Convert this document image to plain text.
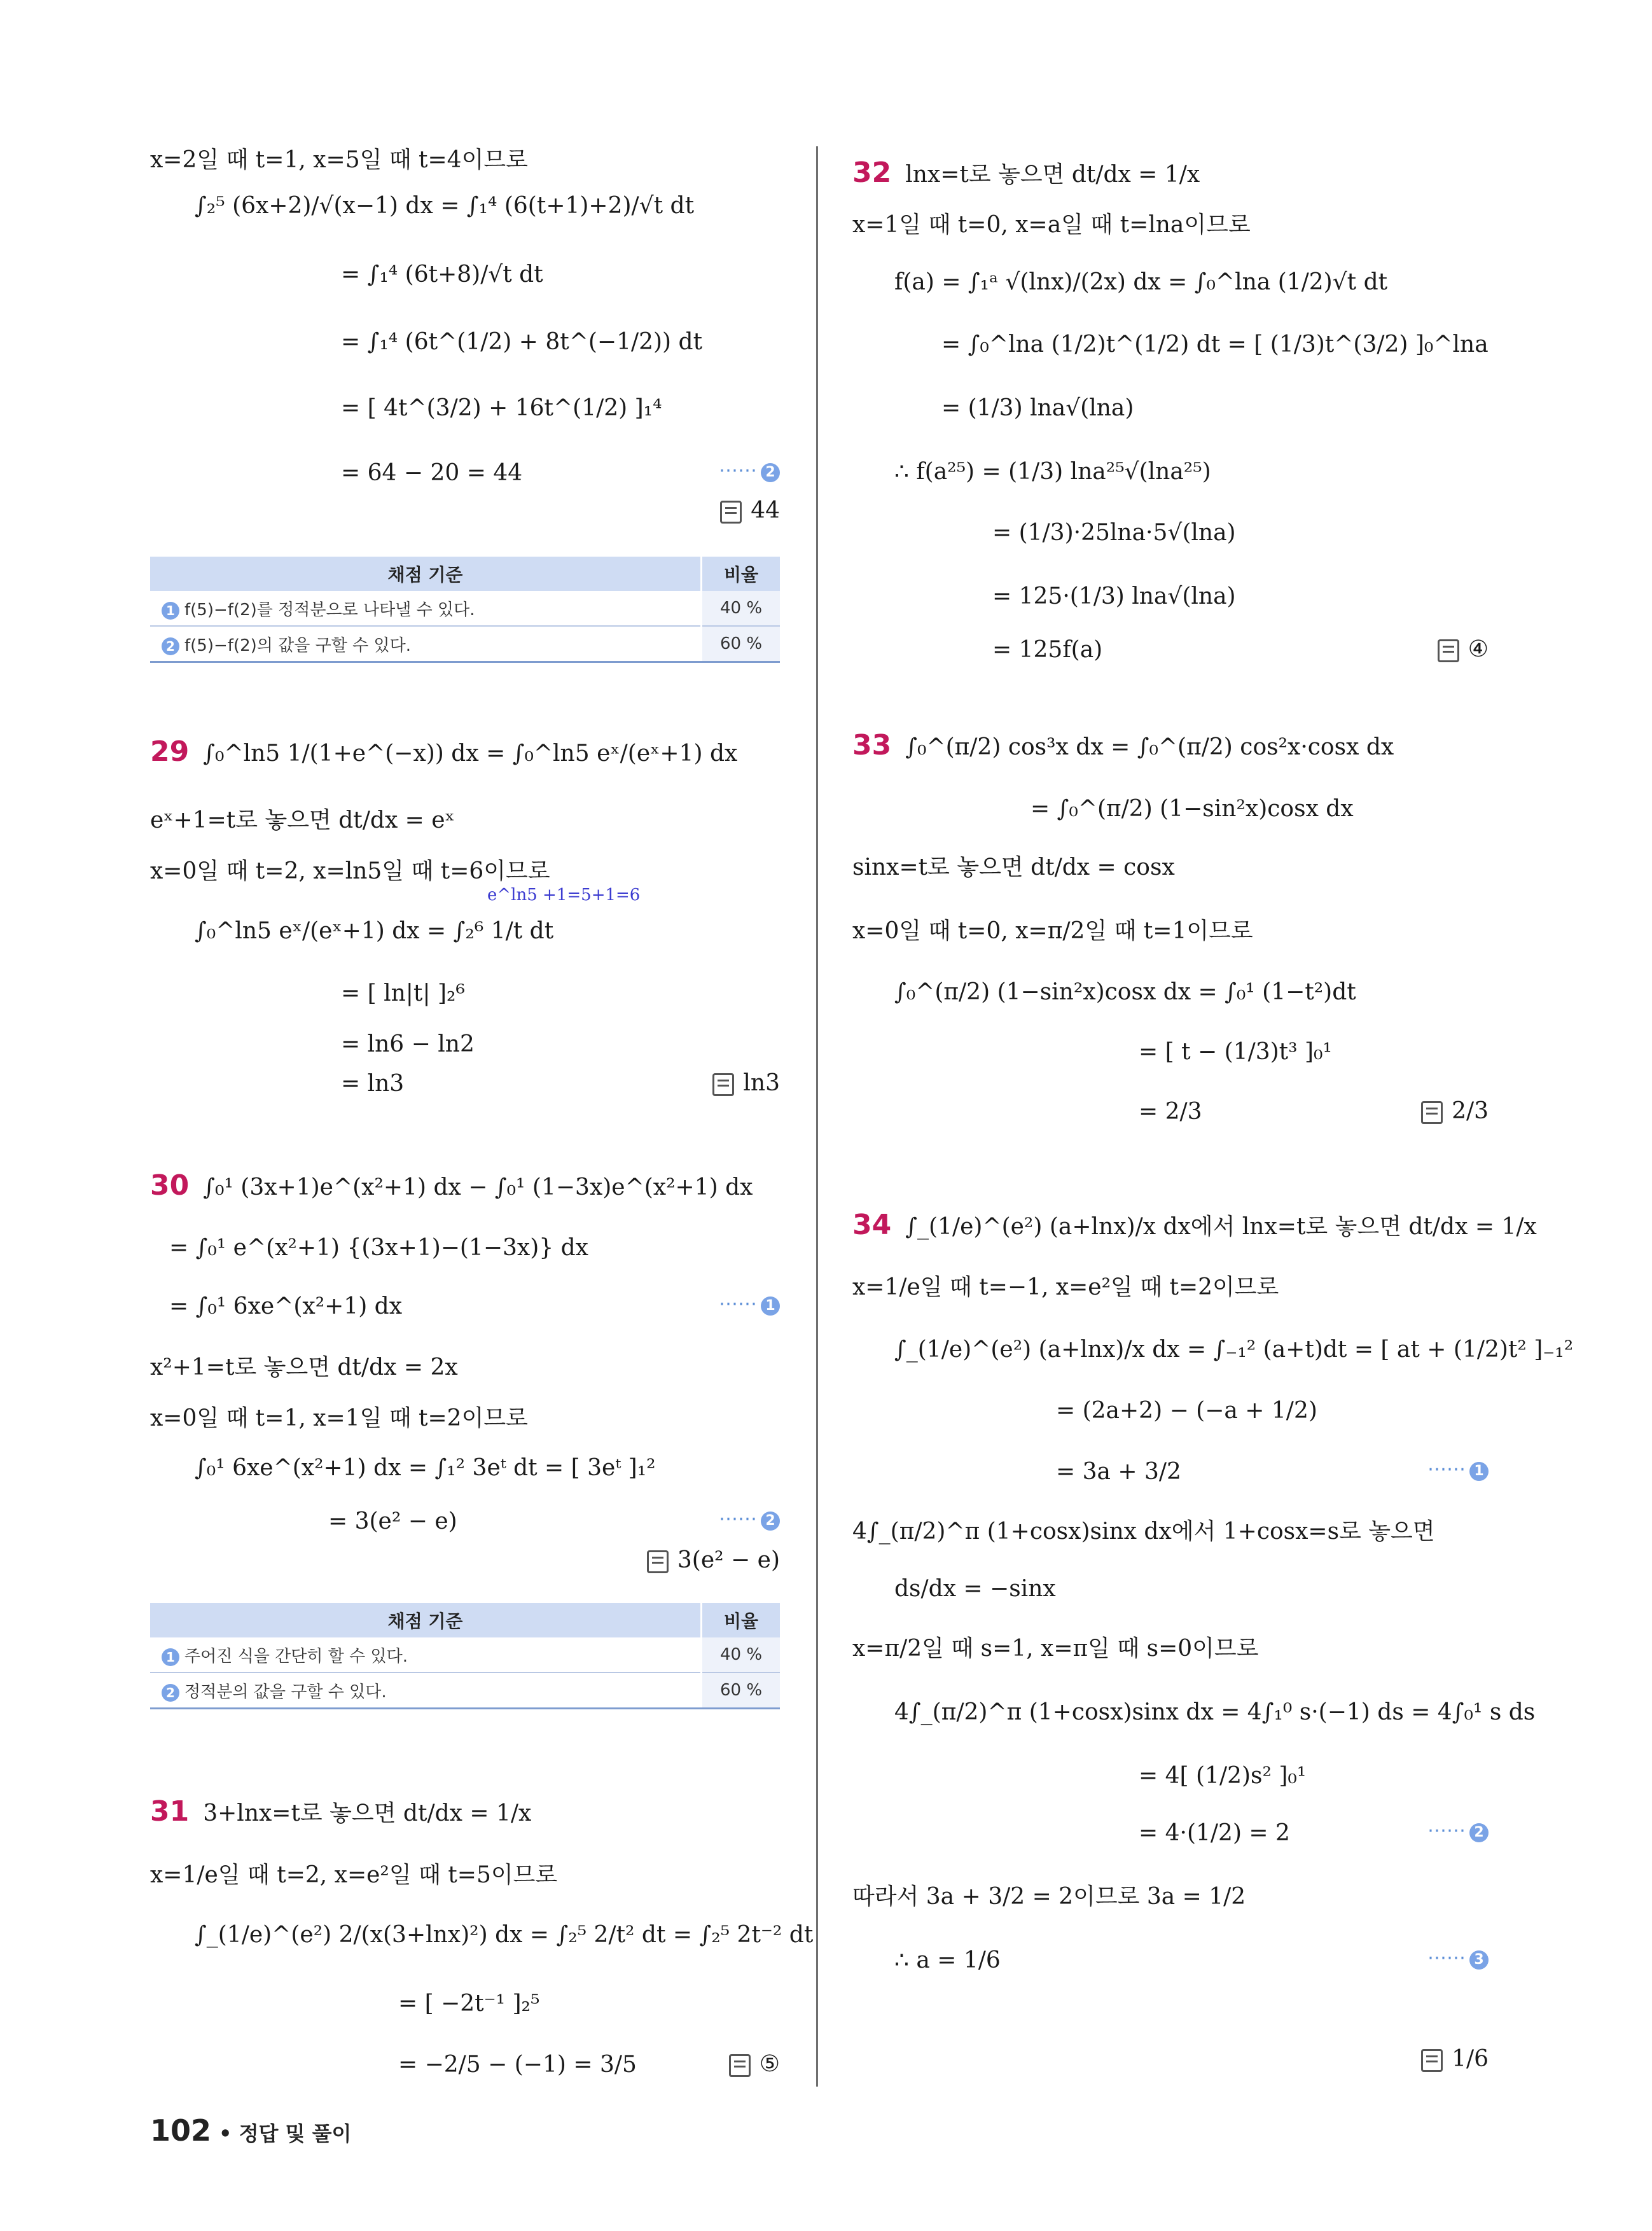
x=2일 때 t=1, x=5일 때 t=4이므로
∫₂⁵ (6x+2)/√(x−1) dx = ∫₁⁴ (6(t+1)+2)/√t dt
= ∫₁⁴ (6t+8)/√t dt
= ∫₁⁴ (6t^(1/2) + 8t^(−1/2)) dt
= [ 4t^(3/2) + 16t^(1/2) ]₁⁴
= 64 − 20 = 44	⋯⋯ 2
44
채점 기준	비율
1 f(5)−f(2)를 정적분으로 나타낼 수 있다.	40 %
2 f(5)−f(2)의 값을 구할 수 있다.	60 %
29 ∫₀^ln5 1/(1+e^(−x)) dx = ∫₀^ln5 eˣ/(eˣ+1) dx
eˣ+1=t로 놓으면 dt/dx = eˣ
x=0일 때 t=2, x=ln5일 때 t=6이므로
e^ln5 +1=5+1=6
∫₀^ln5 eˣ/(eˣ+1) dx = ∫₂⁶ 1/t dt
= [ ln|t| ]₂⁶
= ln6 − ln2
= ln3	ln3
30 ∫₀¹ (3x+1)e^(x²+1) dx − ∫₀¹ (1−3x)e^(x²+1) dx
= ∫₀¹ e^(x²+1) {(3x+1)−(1−3x)} dx
= ∫₀¹ 6xe^(x²+1) dx	⋯⋯ 1
x²+1=t로 놓으면 dt/dx = 2x
x=0일 때 t=1, x=1일 때 t=2이므로
∫₀¹ 6xe^(x²+1) dx = ∫₁² 3eᵗ dt = [ 3eᵗ ]₁²
= 3(e² − e)	⋯⋯ 2
3(e² − e)
채점 기준	비율
1 주어진 식을 간단히 할 수 있다.	40 %
2 정적분의 값을 구할 수 있다.	60 %
31 3+lnx=t로 놓으면 dt/dx = 1/x
x=1/e일 때 t=2, x=e²일 때 t=5이므로
∫_(1/e)^(e²) 2/(x(3+lnx)²) dx = ∫₂⁵ 2/t² dt = ∫₂⁵ 2t⁻² dt
= [ −2t⁻¹ ]₂⁵
= −2/5 − (−1) = 3/5	⑤
32 lnx=t로 놓으면 dt/dx = 1/x
x=1일 때 t=0, x=a일 때 t=lna이므로
f(a) = ∫₁ᵃ √(lnx)/(2x) dx = ∫₀^lna (1/2)√t dt
= ∫₀^lna (1/2)t^(1/2) dt = [ (1/3)t^(3/2) ]₀^lna
= (1/3) lna√(lna)
∴ f(a²⁵) = (1/3) lna²⁵√(lna²⁵)
= (1/3)·25lna·5√(lna)
= 125·(1/3) lna√(lna)
= 125f(a)	④
33 ∫₀^(π/2) cos³x dx = ∫₀^(π/2) cos²x·cosx dx
= ∫₀^(π/2) (1−sin²x)cosx dx
sinx=t로 놓으면 dt/dx = cosx
x=0일 때 t=0, x=π/2일 때 t=1이므로
∫₀^(π/2) (1−sin²x)cosx dx = ∫₀¹ (1−t²)dt
= [ t − (1/3)t³ ]₀¹
= 2/3	2/3
34 ∫_(1/e)^(e²) (a+lnx)/x dx에서 lnx=t로 놓으면 dt/dx = 1/x
x=1/e일 때 t=−1, x=e²일 때 t=2이므로
∫_(1/e)^(e²) (a+lnx)/x dx = ∫₋₁² (a+t)dt = [ at + (1/2)t² ]₋₁²
= (2a+2) − (−a + 1/2)
= 3a + 3/2	⋯⋯ 1
4∫_(π/2)^π (1+cosx)sinx dx에서 1+cosx=s로 놓으면
ds/dx = −sinx
x=π/2일 때 s=1, x=π일 때 s=0이므로
4∫_(π/2)^π (1+cosx)sinx dx = 4∫₁⁰ s·(−1) ds = 4∫₀¹ s ds
= 4[ (1/2)s² ]₀¹
= 4·(1/2) = 2	⋯⋯ 2
따라서 3a + 3/2 = 2이므로 3a = 1/2
∴ a = 1/6	⋯⋯ 3
1/6
102 • 정답 및 풀이
